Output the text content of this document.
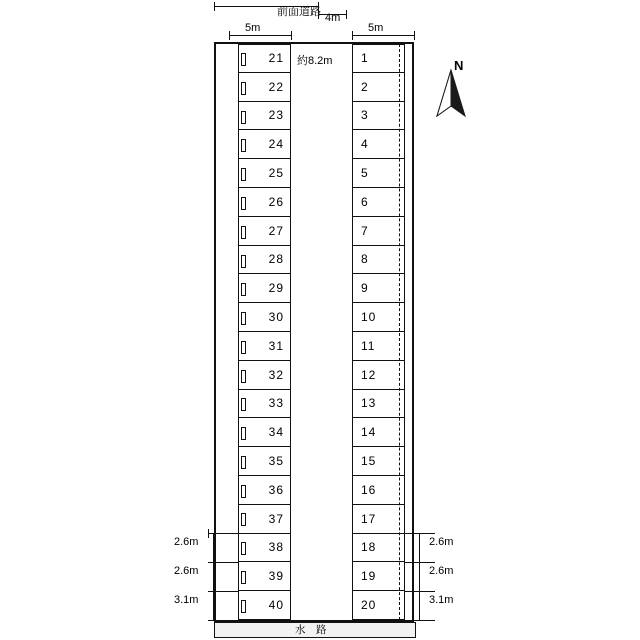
前面道路 4m
5m	5m
約8.2m
21
22
23
24
25
26
27
28
29
30
31
32
33
34
35
36
37
38
39
40
1
2
3
4
5
6
7
8
9
10
11
12
13
14
15
16
17
18
19
20
2.6m
2.6m
3.1m
2.6m
2.6m
3.1m
水　路
N
